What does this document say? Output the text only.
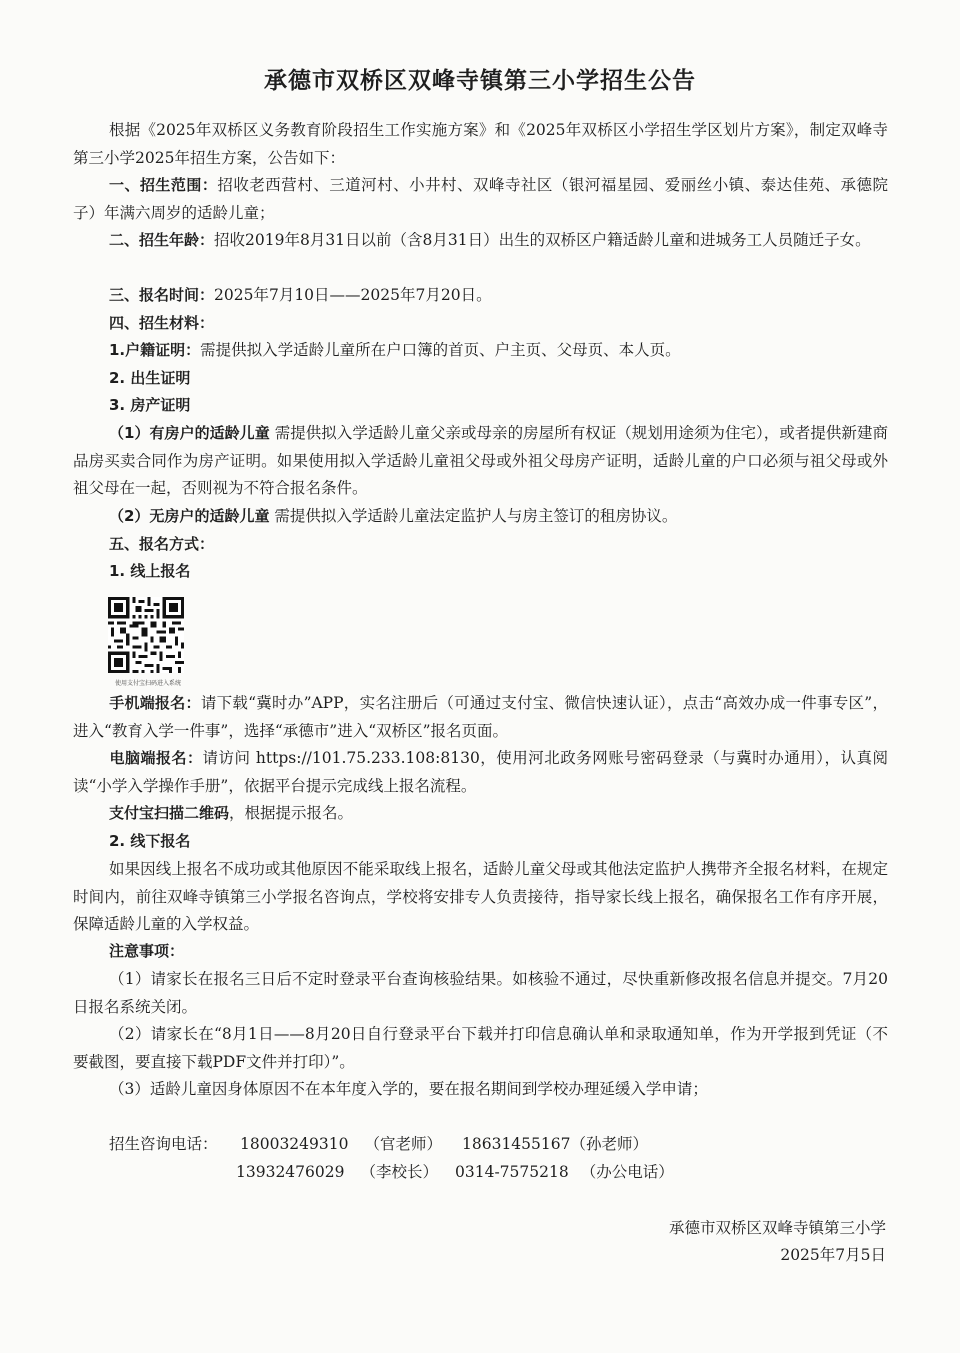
承德市双桥区双峰寺镇第三小学招生公告
根据《2025年双桥区义务教育阶段招生工作实施方案》和《2025年双桥区小学招生学区划片方案》，制定双峰寺第三小学2025年招生方案，公告如下：
一、招生范围：招收老西营村、三道河村、小井村、双峰寺社区（银河福星园、爱丽丝小镇、泰达佳苑、承德院子）年满六周岁的适龄儿童；
二、招生年龄：招收2019年8月31日以前（含8月31日）出生的双桥区户籍适龄儿童和进城务工人员随迁子女。
三、报名时间：2025年7月10日——2025年7月20日。
四、招生材料：
1.户籍证明：需提供拟入学适龄儿童所在户口簿的首页、户主页、父母页、本人页。
2. 出生证明
3. 房产证明
（1）有房户的适龄儿童 需提供拟入学适龄儿童父亲或母亲的房屋所有权证（规划用途须为住宅），或者提供新建商品房买卖合同作为房产证明。如果使用拟入学适龄儿童祖父母或外祖父母房产证明，适龄儿童的户口必须与祖父母或外祖父母在一起，否则视为不符合报名条件。
（2）无房户的适龄儿童 需提供拟入学适龄儿童法定监护人与房主签订的租房协议。
五、报名方式：
1. 线上报名
使用支付宝扫码进入系统
手机端报名：请下载“冀时办”APP，实名注册后（可通过支付宝、微信快速认证），点击“高效办成一件事专区”，进入“教育入学一件事”，选择“承德市”进入“双桥区”报名页面。
电脑端报名：请访问 https://101.75.233.108:8130，使用河北政务网账号密码登录（与冀时办通用），认真阅读“小学入学操作手册”，依据平台提示完成线上报名流程。
支付宝扫描二维码，根据提示报名。
2. 线下报名
如果因线上报名不成功或其他原因不能采取线上报名，适龄儿童父母或其他法定监护人携带齐全报名材料，在规定时间内，前往双峰寺镇第三小学报名咨询点，学校将安排专人负责接待，指导家长线上报名，确保报名工作有序开展，保障适龄儿童的入学权益。
注意事项：
（1）请家长在报名三日后不定时登录平台查询核验结果。如核验不通过，尽快重新修改报名信息并提交。7月20日报名系统关闭。
（2）请家长在“8月1日——8月20日自行登录平台下载并打印信息确认单和录取通知单，作为开学报到凭证（不要截图，要直接下载PDF文件并打印）”。
（3）适龄儿童因身体原因不在本年度入学的，要在报名期间到学校办理延缓入学申请；
招生咨询电话： 18003249310 （官老师） 18631455167（孙老师）
13932476029 （李校长） 0314-7575218 （办公电话）
承德市双桥区双峰寺镇第三小学
2025年7月5日
